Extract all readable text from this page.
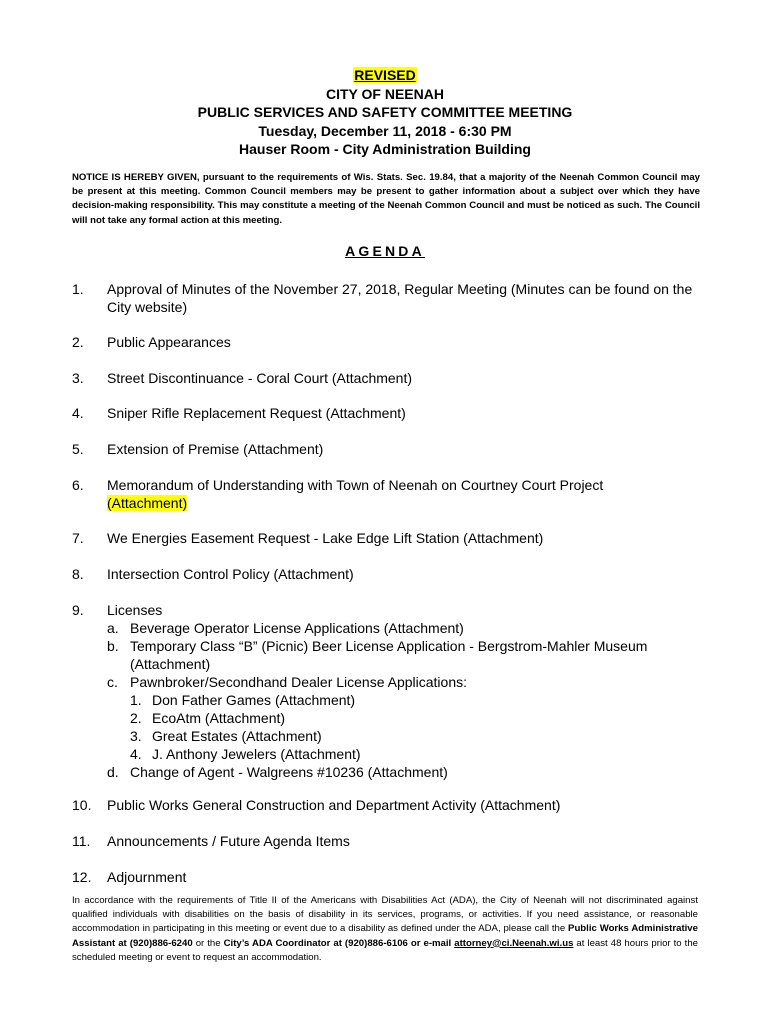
REVISED
CITY OF NEENAH
PUBLIC SERVICES AND SAFETY COMMITTEE MEETING
Tuesday, December 11, 2018 - 6:30 PM
Hauser Room - City Administration Building
NOTICE IS HEREBY GIVEN, pursuant to the requirements of Wis. Stats. Sec. 19.84, that a majority of the Neenah Common Council may be present at this meeting. Common Council members may be present to gather information about a subject over which they have decision-making responsibility. This may constitute a meeting of the Neenah Common Council and must be noticed as such. The Council will not take any formal action at this meeting.
AGENDA
1.	Approval of Minutes of the November 27, 2018, Regular Meeting (Minutes can be found on the City website)
2.	Public Appearances
3.	Street Discontinuance - Coral Court (Attachment)
4.	Sniper Rifle Replacement Request (Attachment)
5.	Extension of Premise (Attachment)
6.	Memorandum of Understanding with Town of Neenah on Courtney Court Project
(Attachment)
7.	We Energies Easement Request - Lake Edge Lift Station (Attachment)
8.	Intersection Control Policy (Attachment)
9.	Licenses
a. Beverage Operator License Applications (Attachment)
b. Temporary Class “B” (Picnic) Beer License Application - Bergstrom-Mahler Museum (Attachment)
c. Pawnbroker/Secondhand Dealer License Applications:
1. Don Father Games (Attachment)
2. EcoAtm (Attachment)
3. Great Estates (Attachment)
4. J. Anthony Jewelers (Attachment)
d. Change of Agent - Walgreens #10236 (Attachment)
10.	Public Works General Construction and Department Activity (Attachment)
11.	Announcements / Future Agenda Items
12.	Adjournment
In accordance with the requirements of Title II of the Americans with Disabilities Act (ADA), the City of Neenah will not discriminated against qualified individuals with disabilities on the basis of disability in its services, programs, or activities. If you need assistance, or reasonable accommodation in participating in this meeting or event due to a disability as defined under the ADA, please call the Public Works Administrative Assistant at (920)886-6240 or the City’s ADA Coordinator at (920)886-6106 or e-mail attorney@ci.Neenah.wi.us at least 48 hours prior to the scheduled meeting or event to request an accommodation.
